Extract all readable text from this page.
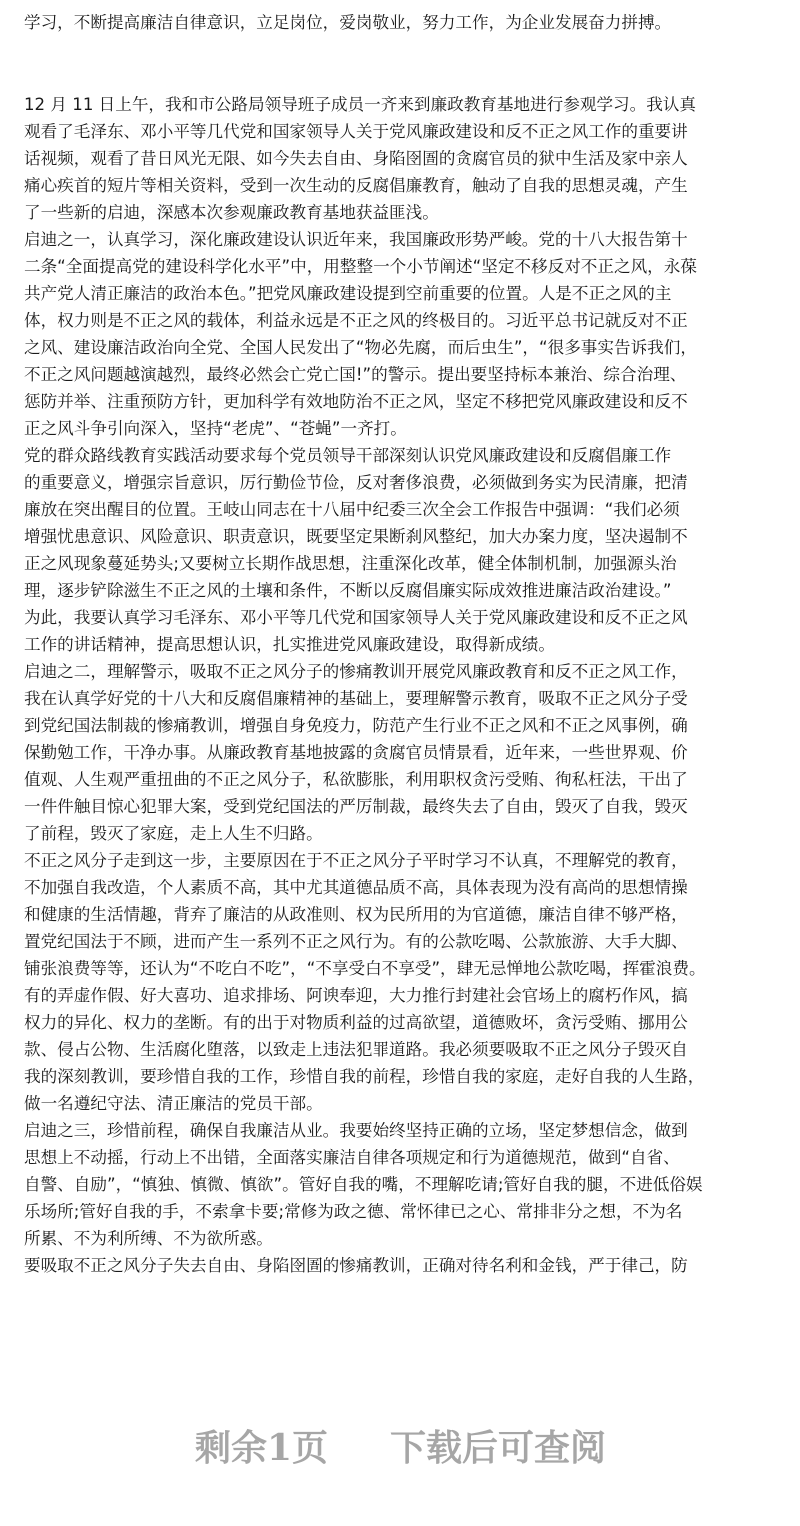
学习，不断提高廉洁自律意识，立足岗位，爱岗敬业，努力工作，为企业发展奋力拼搏。
12 月 11 日上午，我和市公路局领导班子成员一齐来到廉政教育基地进行参观学习。我认真
观看了毛泽东、邓小平等几代党和国家领导人关于党风廉政建设和反不正之风工作的重要讲
话视频，观看了昔日风光无限、如今失去自由、身陷囹圄的贪腐官员的狱中生活及家中亲人
痛心疾首的短片等相关资料，受到一次生动的反腐倡廉教育，触动了自我的思想灵魂，产生
了一些新的启迪，深感本次参观廉政教育基地获益匪浅。
启迪之一，认真学习，深化廉政建设认识近年来，我国廉政形势严峻。党的十八大报告第十
二条“全面提高党的建设科学化水平”中，用整整一个小节阐述“坚定不移反对不正之风，永葆
共产党人清正廉洁的政治本色。”把党风廉政建设提到空前重要的位置。人是不正之风的主
体，权力则是不正之风的载体，利益永远是不正之风的终极目的。习近平总书记就反对不正
之风、建设廉洁政治向全党、全国人民发出了“物必先腐，而后虫生”，“很多事实告诉我们，
不正之风问题越演越烈，最终必然会亡党亡国!”的警示。提出要坚持标本兼治、综合治理、
惩防并举、注重预防方针，更加科学有效地防治不正之风，坚定不移把党风廉政建设和反不
正之风斗争引向深入，坚持“老虎”、“苍蝇”一齐打。
党的群众路线教育实践活动要求每个党员领导干部深刻认识党风廉政建设和反腐倡廉工作
的重要意义，增强宗旨意识，厉行勤俭节俭，反对奢侈浪费，必须做到务实为民清廉，把清
廉放在突出醒目的位置。王岐山同志在十八届中纪委三次全会工作报告中强调：“我们必须
增强忧患意识、风险意识、职责意识，既要坚定果断刹风整纪，加大办案力度，坚决遏制不
正之风现象蔓延势头;又要树立长期作战思想，注重深化改革，健全体制机制，加强源头治
理，逐步铲除滋生不正之风的土壤和条件，不断以反腐倡廉实际成效推进廉洁政治建设。”
为此，我要认真学习毛泽东、邓小平等几代党和国家领导人关于党风廉政建设和反不正之风
工作的讲话精神，提高思想认识，扎实推进党风廉政建设，取得新成绩。
启迪之二，理解警示，吸取不正之风分子的惨痛教训开展党风廉政教育和反不正之风工作，
我在认真学好党的十八大和反腐倡廉精神的基础上，要理解警示教育，吸取不正之风分子受
到党纪国法制裁的惨痛教训，增强自身免疫力，防范产生行业不正之风和不正之风事例，确
保勤勉工作，干净办事。从廉政教育基地披露的贪腐官员情景看，近年来，一些世界观、价
值观、人生观严重扭曲的不正之风分子，私欲膨胀，利用职权贪污受贿、徇私枉法，干出了
一件件触目惊心犯罪大案，受到党纪国法的严厉制裁，最终失去了自由，毁灭了自我，毁灭
了前程，毁灭了家庭，走上人生不归路。
不正之风分子走到这一步，主要原因在于不正之风分子平时学习不认真，不理解党的教育，
不加强自我改造，个人素质不高，其中尤其道德品质不高，具体表现为没有高尚的思想情操
和健康的生活情趣，背弃了廉洁的从政准则、权为民所用的为官道德，廉洁自律不够严格，
置党纪国法于不顾，进而产生一系列不正之风行为。有的公款吃喝、公款旅游、大手大脚、
铺张浪费等等，还认为“不吃白不吃”，“不享受白不享受”，肆无忌惮地公款吃喝，挥霍浪费。
有的弄虚作假、好大喜功、追求排场、阿谀奉迎，大力推行封建社会官场上的腐朽作风，搞
权力的异化、权力的垄断。有的出于对物质利益的过高欲望，道德败坏，贪污受贿、挪用公
款、侵占公物、生活腐化堕落，以致走上违法犯罪道路。我必须要吸取不正之风分子毁灭自
我的深刻教训，要珍惜自我的工作，珍惜自我的前程，珍惜自我的家庭，走好自我的人生路，
做一名遵纪守法、清正廉洁的党员干部。
启迪之三，珍惜前程，确保自我廉洁从业。我要始终坚持正确的立场，坚定梦想信念，做到
思想上不动摇，行动上不出错，全面落实廉洁自律各项规定和行为道德规范，做到“自省、
自警、自励”，“慎独、慎微、慎欲”。管好自我的嘴，不理解吃请;管好自我的腿，不进低俗娱
乐场所;管好自我的手，不索拿卡要;常修为政之德、常怀律已之心、常排非分之想，不为名
所累、不为利所缚、不为欲所惑。
要吸取不正之风分子失去自由、身陷囹圄的惨痛教训，正确对待名利和金钱，严于律己，防
剩余1页 下载后可查阅
